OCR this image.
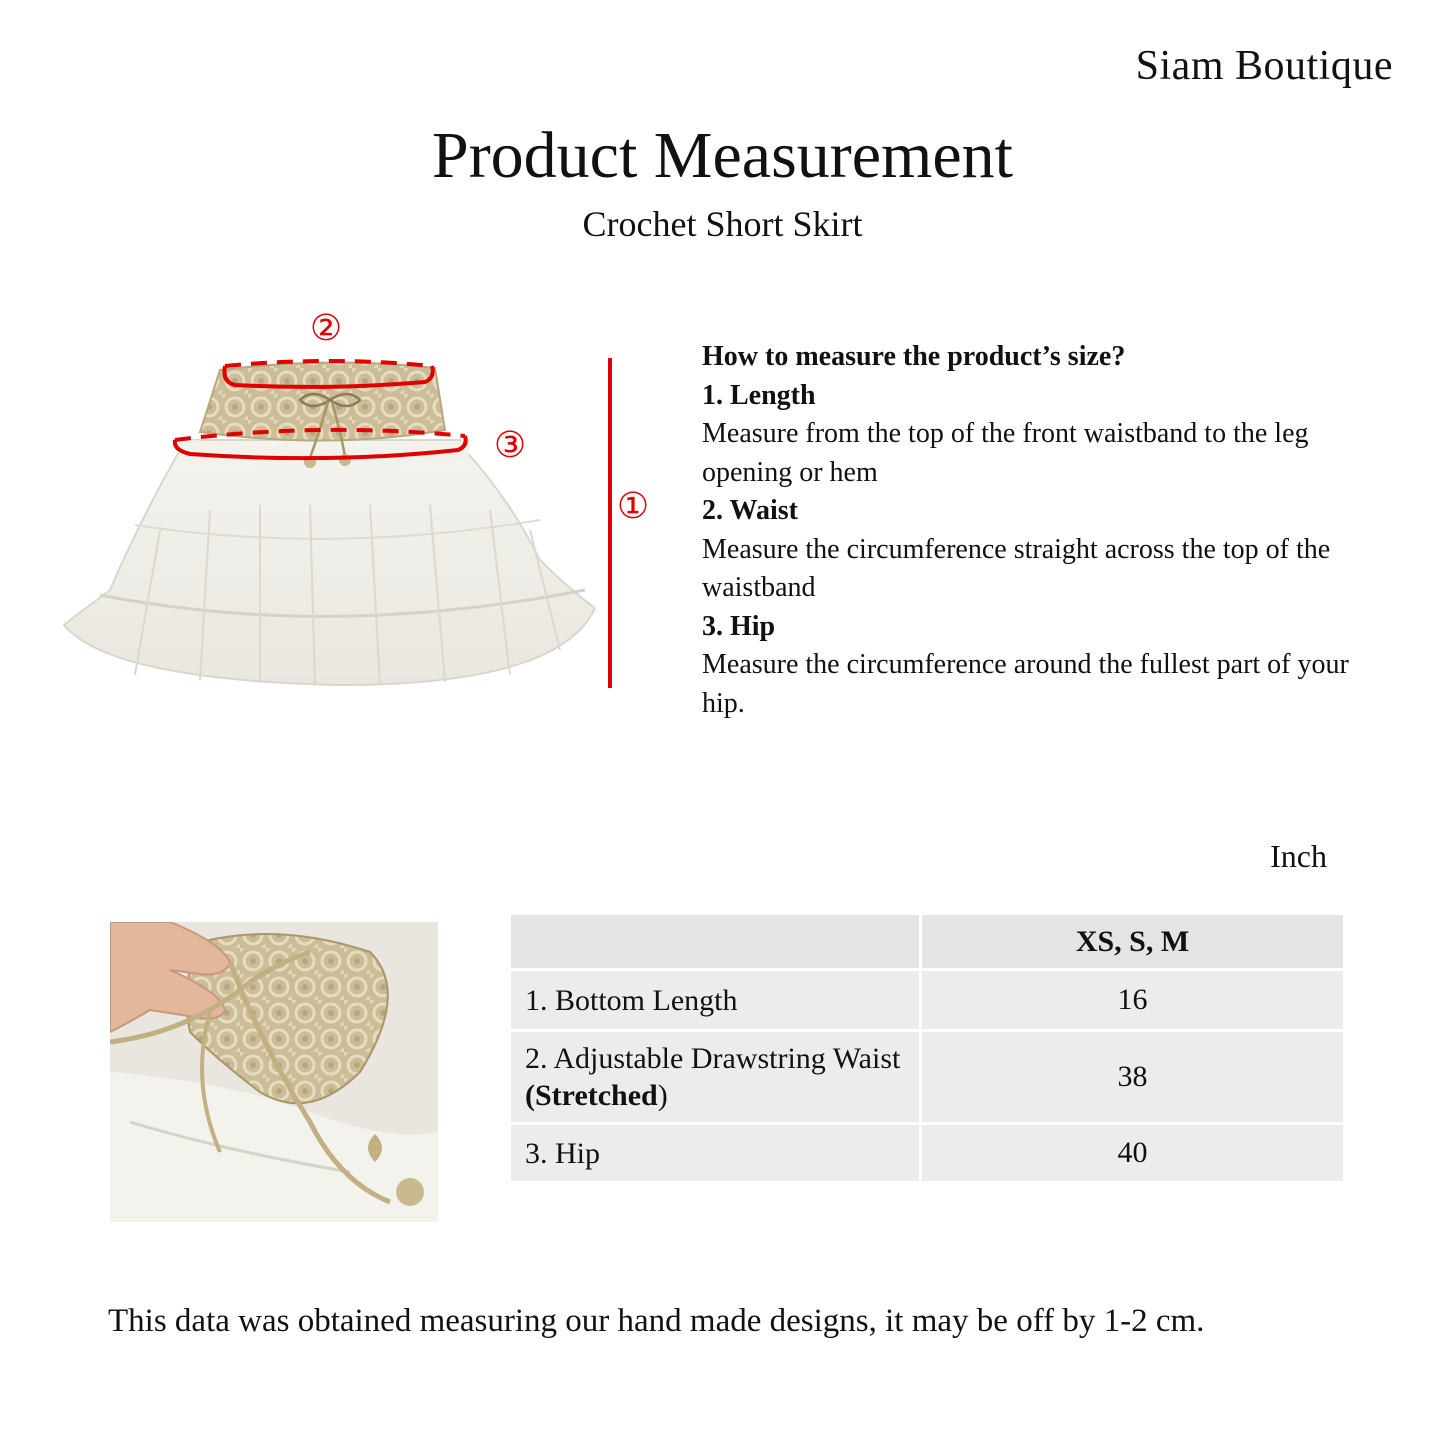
Siam Boutique
Product Measurement
Crochet Short Skirt
②
③
①
How to measure the product’s size?
1. Length
Measure from the top of the front waistband to the leg opening or hem
2. Waist
Measure the circumference straight across the top of the waistband
3. Hip
Measure the circumference around the fullest part of your hip.
Inch
	XS, S, M
1. Bottom Length	16
2. Adjustable Drawstring Waist (Stretched)	38
3. Hip	40
This data was obtained measuring our hand made designs, it may be off by 1-2 cm.
